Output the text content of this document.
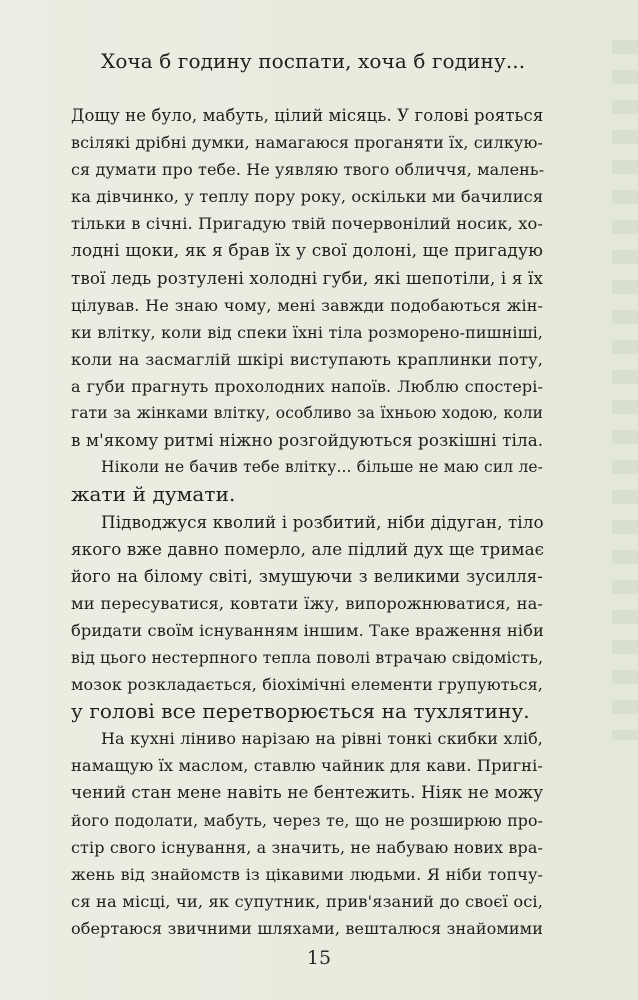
Хоча б годину поспати, хоча б годину...
Дощу не було, мабуть, цілий місяць. У голові рояться
всілякі дрібні думки, намагаюся проганяти їх, силкую-
ся думати про тебе. Не уявляю твого обличчя, малень-
ка дівчинко, у теплу пору року, оскільки ми бачилися
тільки в січні. Пригадую твій почервонілий носик, хо-
лодні щоки, як я брав їх у свої долоні, ще пригадую
твої ледь розтулені холодні губи, які шепотіли, і я їх
цілував. Не знаю чому, мені завжди подобаються жін-
ки влітку, коли від спеки їхні тіла розморено-пишніші,
коли на засмаглій шкірі виступають краплинки поту,
а губи прагнуть прохолодних напоїв. Люблю спостері-
гати за жінками влітку, особливо за їхньою ходою, коли
в м'якому ритмі ніжно розгойдуються розкішні тіла.
Ніколи не бачив тебе влітку... більше не маю сил ле-
жати й думати.
Підводжуся кволий і розбитий, ніби дідуган, тіло
якого вже давно померло, але підлий дух ще тримає
його на білому світі, змушуючи з великими зусилля-
ми пересуватися, ковтати їжу, випорожнюватися, на-
бридати своїм існуванням іншим. Таке враження ніби
від цього нестерпного тепла поволі втрачаю свідомість,
мозок розкладається, біохімічні елементи групуються,
у голові все перетворюється на тухлятину.
На кухні ліниво нарізаю на рівні тонкі скибки хліб,
намащую їх маслом, ставлю чайник для кави. Пригні-
чений стан мене навіть не бентежить. Ніяк не можу
його подолати, мабуть, через те, що не розширюю про-
стір свого існування, а значить, не набуваю нових вра-
жень від знайомств із цікавими людьми. Я ніби топчу-
ся на місці, чи, як супутник, прив'язаний до своєї осі,
обертаюся звичними шляхами, вешталюся знайомими
15
